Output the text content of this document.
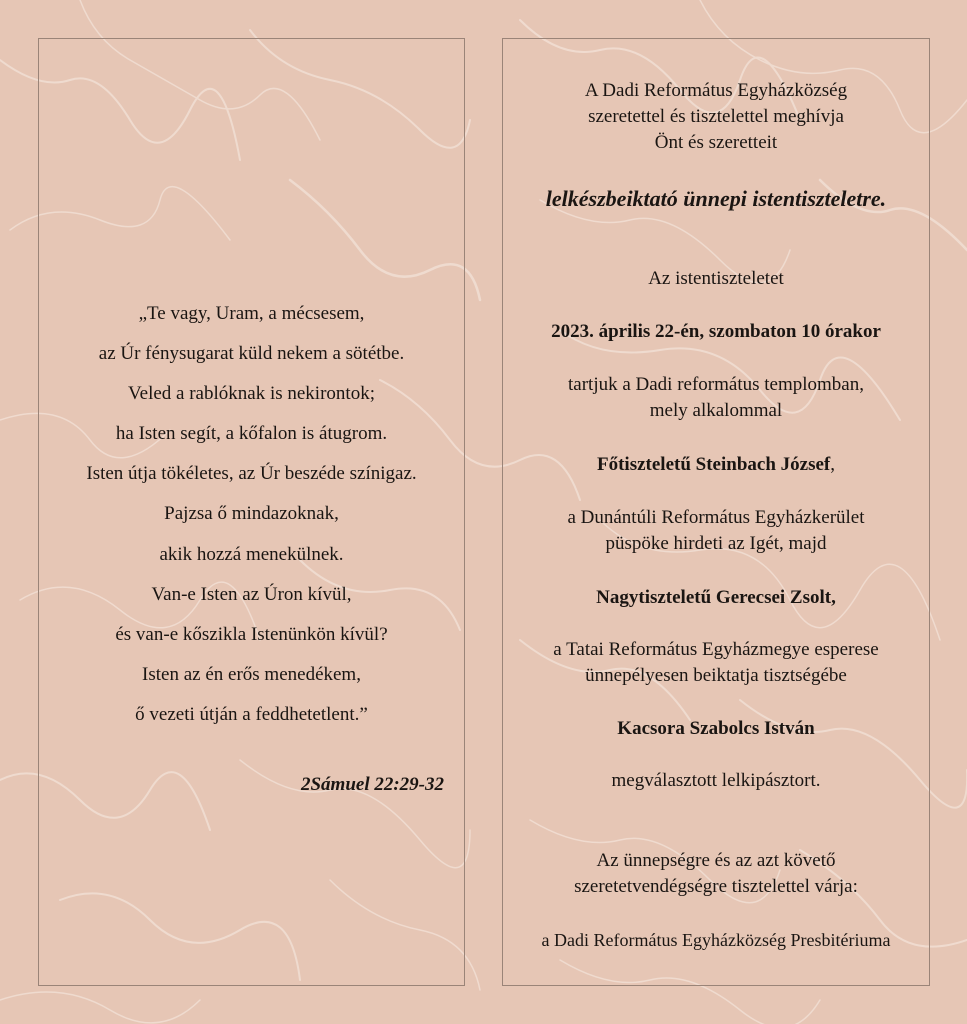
„Te vagy, Uram, a mécsesem,
az Úr fénysugarat küld nekem a sötétbe.
Veled a rablóknak is nekirontok;
ha Isten segít, a kőfalon is átugrom.
Isten útja tökéletes, az Úr beszéde színigaz.
Pajzsa ő mindazoknak,
akik hozzá menekülnek.
Van-e Isten az Úron kívül,
és van-e kőszikla Istenünkön kívül?
Isten az én erős menedékem,
ő vezeti útján a feddhetetlent.”
2Sámuel 22:29-32
A Dadi Református Egyházközség
szeretettel és tisztelettel meghívja
Önt és szeretteit
lelkészbeiktató ünnepi istentiszteletre.
Az istentiszteletet
2023. április 22-én, szombaton 10 órakor
tartjuk a Dadi református templomban,
mely alkalommal
Főtiszteletű Steinbach József,
a Dunántúli Református Egyházkerület
püspöke hirdeti az Igét, majd
Nagytiszteletű Gerecsei Zsolt,
a Tatai Református Egyházmegye esperese
ünnepélyesen beiktatja tisztségébe
Kacsora Szabolcs István
megválasztott lelkipásztort.
Az ünnepségre és az azt követő
szeretetvendégségre tisztelettel várja:
a Dadi Református Egyházközség Presbitériuma
